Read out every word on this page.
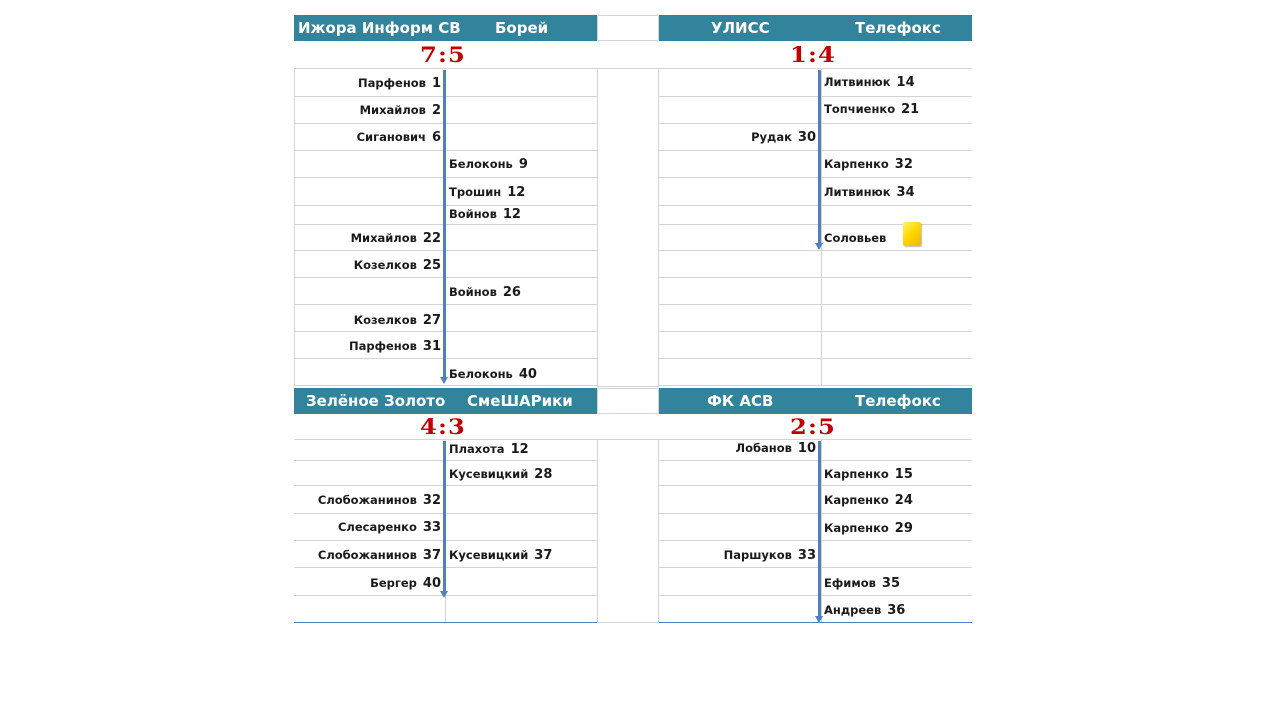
Ижора Информ СВ Борей
7:5
УЛИСС	Телефокс
1:4
Зелёное Золото СмеШАРики
4:3
ФК АСВ	Телефокс
2:5
Парфенов 1
Михайлов 2
Сиганович 6
Белоконь 9
Трошин 12
Войнов 12
Михайлов 22
Козелков 25
Войнов 26
Козелков 27
Парфенов 31
Белоконь 40
Литвинюк 14
Топчиенко 21
Рудак 30
Карпенко 32
Литвинюк 34
Соловьев
Плахота 12
Кусевицкий 28
Слобожанинов 32
Слесаренко 33
Слобожанинов 37 Кусевицкий 37
Бергер 40
Лобанов 10
Карпенко 15
Карпенко 24
Карпенко 29
Паршуков 33
Ефимов 35
Андреев 36
